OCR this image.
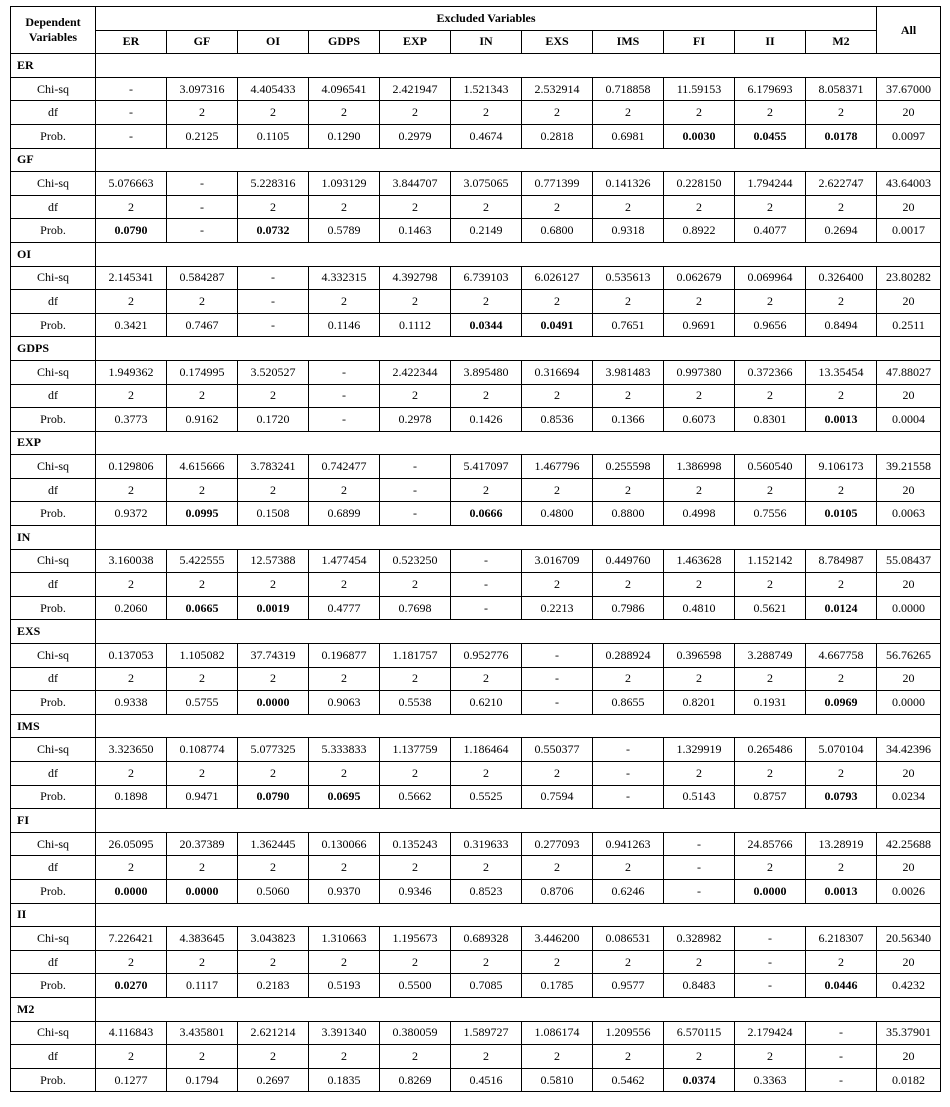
Dependent Variables	Excluded Variables											All
	ER	GF	OI	GDPS	EXP	IN	EXS	IMS	FI	II	M2	
ER												
Chi-sq	-	3.097316	4.405433	4.096541	2.421947	1.521343	2.532914	0.718858	11.59153	6.179693	8.058371	37.67000
df	-	2	2	2	2	2	2	2	2	2	2	20
Prob.	-	0.2125	0.1105	0.1290	0.2979	0.4674	0.2818	0.6981	0.0030	0.0455	0.0178	0.0097
GF												
Chi-sq	5.076663	-	5.228316	1.093129	3.844707	3.075065	0.771399	0.141326	0.228150	1.794244	2.622747	43.64003
df	2	-	2	2	2	2	2	2	2	2	2	20
Prob.	0.0790	-	0.0732	0.5789	0.1463	0.2149	0.6800	0.9318	0.8922	0.4077	0.2694	0.0017
OI												
Chi-sq	2.145341	0.584287	-	4.332315	4.392798	6.739103	6.026127	0.535613	0.062679	0.069964	0.326400	23.80282
df	2	2	-	2	2	2	2	2	2	2	2	20
Prob.	0.3421	0.7467	-	0.1146	0.1112	0.0344	0.0491	0.7651	0.9691	0.9656	0.8494	0.2511
GDPS												
Chi-sq	1.949362	0.174995	3.520527	-	2.422344	3.895480	0.316694	3.981483	0.997380	0.372366	13.35454	47.88027
df	2	2	2	-	2	2	2	2	2	2	2	20
Prob.	0.3773	0.9162	0.1720	-	0.2978	0.1426	0.8536	0.1366	0.6073	0.8301	0.0013	0.0004
EXP												
Chi-sq	0.129806	4.615666	3.783241	0.742477	-	5.417097	1.467796	0.255598	1.386998	0.560540	9.106173	39.21558
df	2	2	2	2	-	2	2	2	2	2	2	20
Prob.	0.9372	0.0995	0.1508	0.6899	-	0.0666	0.4800	0.8800	0.4998	0.7556	0.0105	0.0063
IN												
Chi-sq	3.160038	5.422555	12.57388	1.477454	0.523250	-	3.016709	0.449760	1.463628	1.152142	8.784987	55.08437
df	2	2	2	2	2	-	2	2	2	2	2	20
Prob.	0.2060	0.0665	0.0019	0.4777	0.7698	-	0.2213	0.7986	0.4810	0.5621	0.0124	0.0000
EXS												
Chi-sq	0.137053	1.105082	37.74319	0.196877	1.181757	0.952776	-	0.288924	0.396598	3.288749	4.667758	56.76265
df	2	2	2	2	2	2	-	2	2	2	2	20
Prob.	0.9338	0.5755	0.0000	0.9063	0.5538	0.6210	-	0.8655	0.8201	0.1931	0.0969	0.0000
IMS												
Chi-sq	3.323650	0.108774	5.077325	5.333833	1.137759	1.186464	0.550377	-	1.329919	0.265486	5.070104	34.42396
df	2	2	2	2	2	2	2	-	2	2	2	20
Prob.	0.1898	0.9471	0.0790	0.0695	0.5662	0.5525	0.7594	-	0.5143	0.8757	0.0793	0.0234
FI												
Chi-sq	26.05095	20.37389	1.362445	0.130066	0.135243	0.319633	0.277093	0.941263	-	24.85766	13.28919	42.25688
df	2	2	2	2	2	2	2	2	-	2	2	20
Prob.	0.0000	0.0000	0.5060	0.9370	0.9346	0.8523	0.8706	0.6246	-	0.0000	0.0013	0.0026
II												
Chi-sq	7.226421	4.383645	3.043823	1.310663	1.195673	0.689328	3.446200	0.086531	0.328982	-	6.218307	20.56340
df	2	2	2	2	2	2	2	2	2	-	2	20
Prob.	0.0270	0.1117	0.2183	0.5193	0.5500	0.7085	0.1785	0.9577	0.8483	-	0.0446	0.4232
M2												
Chi-sq	4.116843	3.435801	2.621214	3.391340	0.380059	1.589727	1.086174	1.209556	6.570115	2.179424	-	35.37901
df	2	2	2	2	2	2	2	2	2	2	-	20
Prob.	0.1277	0.1794	0.2697	0.1835	0.8269	0.4516	0.5810	0.5462	0.0374	0.3363	-	0.0182
